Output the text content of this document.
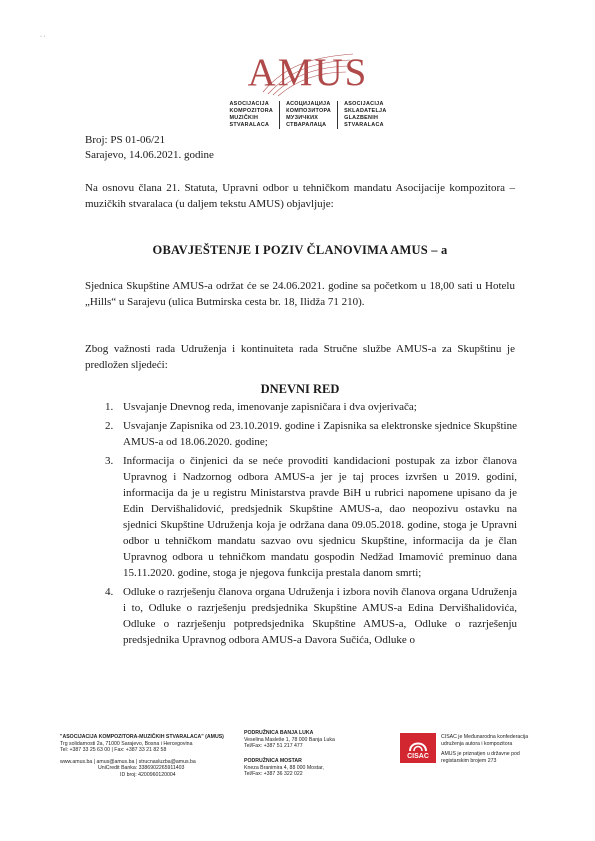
· ·
AMUS
ASOCIJACIJA
KOMPOZITORA
MUZIČKIH
STVARALACA
АСОЦИЈАЦИЈА
КОМПОЗИТОРА
МУЗИЧКИХ
СТВАРАЛАЦА
ASOCIJACIJA
SKLADATELJA
GLAZBENIH
STVARALACA
Broj: PS 01-06/21
Sarajevo, 14.06.2021. godine
Na osnovu člana 21. Statuta, Upravni odbor u tehničkom mandatu Asocijacije kompozitora – muzičkih stvaralaca (u daljem tekstu AMUS) objavljuje:
OBAVJEŠTENJE I POZIV ČLANOVIMA AMUS – a
Sjednica Skupštine AMUS-a održat će se 24.06.2021. godine sa početkom u 18,00 sati u Hotelu „Hills“ u Sarajevu (ulica Butmirska cesta br. 18, Ilidža 71 210).
Zbog važnosti rada Udruženja i kontinuiteta rada Stručne službe AMUS-a za Skupštinu je predložen sljedeći:
DNEVNI RED
1. Usvajanje Dnevnog reda, imenovanje zapisničara i dva ovjerivača;
2. Usvajanje Zapisnika od 23.10.2019. godine i Zapisnika sa elektronske sjednice Skupštine AMUS-a od 18.06.2020. godine;
3. Informacija o činjenici da se neće provoditi kandidacioni postupak za izbor članova Upravnog i Nadzornog odbora AMUS-a jer je taj proces izvršen u 2019. godini, informacija da je u registru Ministarstva pravde BiH u rubrici napomene upisano da je Edin Dervišhalidović, predsjednik Skupštine AMUS-a, dao neopozivu ostavku na sjednici Skupštine Udruženja koja je održana dana 09.05.2018. godine, stoga je Upravni odbor u tehničkom mandatu sazvao ovu sjednicu Skupštine, informacija da je član Upravnog odbora u tehničkom mandatu gospodin Nedžad Imamović preminuo dana 15.11.2020. godine, stoga je njegova funkcija prestala danom smrti;
4. Odluke o razrješenju članova organa Udruženja i izbora novih članova organa Udruženja i to, Odluke o razrješenju predsjednika Skupštine AMUS-a Edina Dervišhalidovića, Odluke o razrješenju potpredsjednika Skupštine AMUS-a, Odluke o razrješenju predsjednika Upravnog odbora AMUS-a Davora Sučića, Odluke o
"ASOCIJACIJA KOMPOZITORA-MUZIČKIH STVARALACA" (AMUS)
Trg solidarnosti 2a, 71000 Sarajevo, Bosna i Hercegovina
Tel: +387 33 25 63 00 | Fax: +387 33 21 82 58
www.amus.ba | amus@amus.ba | strucnasluzba@amus.ba
UniCredit Banka: 3386902265911403
ID broj: 4200960120004
PODRUŽNICA BANJA LUKA
Veselina Masleše 1, 78 000 Banja Luka
Tel/Fax: +387 51 217 477
PODRUŽNICA MOSTAR
Kneza Branimira 4, 88 000 Mostar,
Tel/Fax: +387 36 322 022
CISAC
CISAC je Međunarodna konfederacija
udruženja autora i kompozitora
AMUS je priznatjen u državne pod
registarskim brojem 273
